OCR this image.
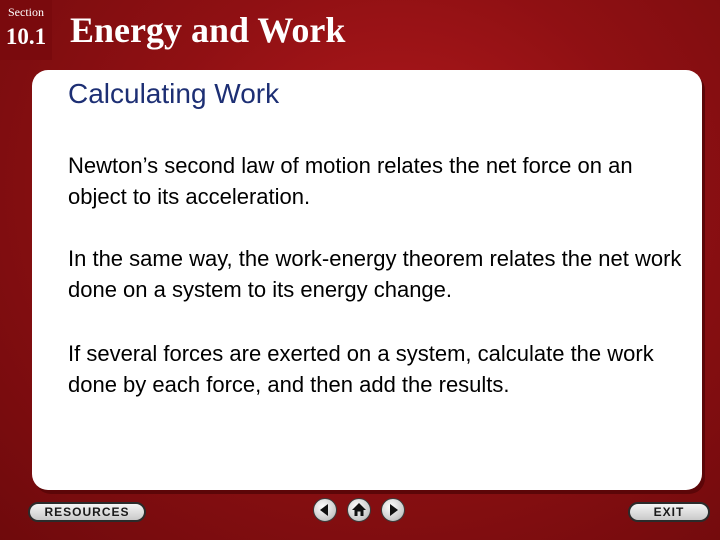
Section
10.1 Energy and Work
Calculating Work
Newton’s second law of motion relates the net force on an object to its acceleration.
In the same way, the work-energy theorem relates the net work done on a system to its energy change.
If several forces are exerted on a system, calculate the work done by each force, and then add the results.
RESOURCES	EXIT
